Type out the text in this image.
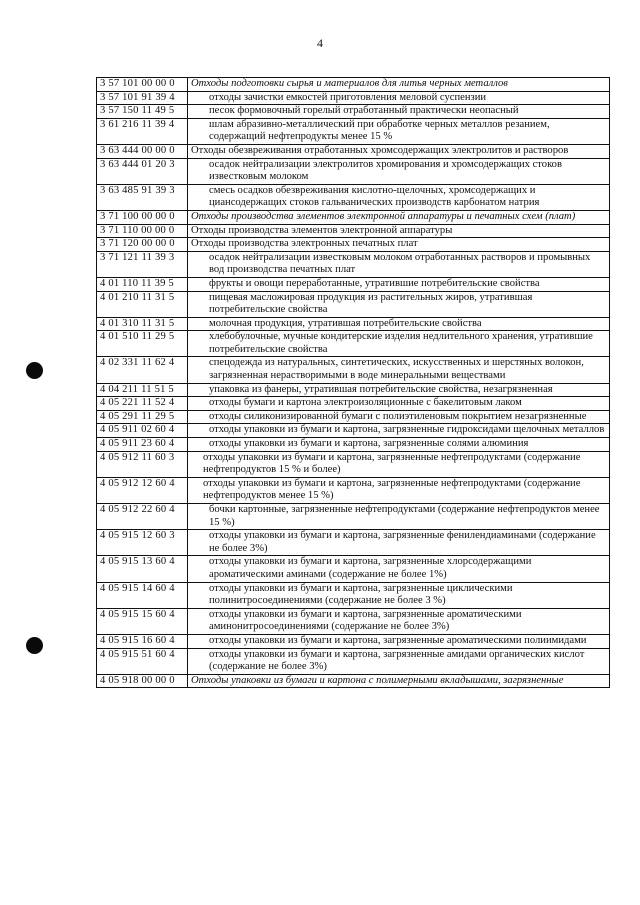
4
3 57 101 00 00 0	Отходы подготовки сырья и материалов для литья черных металлов
3 57 101 91 39 4	отходы зачистки емкостей приготовления меловой суспензии

3 57 150 11 49 5	песок формовочный горелый отработанный практически неопасный

3 61 216 11 39 4	шлам абразивно-металлический при обработке черных металлов резанием, содержащий нефтепродукты менее 15 %

3 63 444 00 00 0	Отходы обезвреживания отработанных хромсодержащих электролитов и растворов
3 63 444 01 20 3	осадок нейтрализации электролитов хромирования и хромсодержащих стоков известковым молоком

3 63 485 91 39 3	смесь осадков обезвреживания кислотно-щелочных, хромсодержащих и циансодержащих стоков гальванических производств карбонатом натрия

3 71 100 00 00 0	Отходы производства элементов электронной аппаратуры и печатных схем (плат)
3 71 110 00 00 0	Отходы производства элементов электронной аппаратуры
3 71 120 00 00 0	Отходы производства электронных печатных плат
3 71 121 11 39 3	осадок нейтрализации известковым молоком отработанных растворов и промывных вод производства печатных плат

4 01 110 11 39 5	фрукты и овощи переработанные, утратившие потребительские свойства

4 01 210 11 31 5	пищевая масложировая продукция из растительных жиров, утратившая потребительские свойства

4 01 310 11 31 5	молочная продукция, утратившая потребительские свойства

4 01 510 11 29 5	хлебобулочные, мучные кондитерские изделия недлительного хранения, утратившие потребительские свойства

4 02 331 11 62 4	спецодежда из натуральных, синтетических, искусственных и шерстяных волокон, загрязненная нерастворимыми в воде минеральными веществами

4 04 211 11 51 5	упаковка из фанеры, утратившая потребительские свойства, незагрязненная

4 05 221 11 52 4	отходы бумаги и картона электроизоляционные с бакелитовым лаком

4 05 291 11 29 5	отходы силиконизированной бумаги с полиэтиленовым покрытием незагрязненные

4 05 911 02 60 4	отходы упаковки из бумаги и картона, загрязненные гидроксидами щелочных металлов

4 05 911 23 60 4	отходы упаковки из бумаги и картона, загрязненные солями алюминия

4 05 912 11 60 3	отходы упаковки из бумаги и картона, загрязненные нефтепродуктами (содержание нефтепродуктов 15 % и более)

4 05 912 12 60 4	отходы упаковки из бумаги и картона, загрязненные нефтепродуктами (содержание нефтепродуктов менее 15 %)

4 05 912 22 60 4	бочки картонные, загрязненные нефтепродуктами (содержание нефтепродуктов менее 15 %)

4 05 915 12 60 3	отходы упаковки из бумаги и картона, загрязненные фенилендиаминами (содержание не более 3%)

4 05 915 13 60 4	отходы упаковки из бумаги и картона, загрязненные хлорсодержащими ароматическими аминами (содержание не более 1%)

4 05 915 14 60 4	отходы упаковки из бумаги и картона, загрязненные циклическими полинитросоединениями (содержание не более 3 %)

4 05 915 15 60 4	отходы упаковки из бумаги и картона, загрязненные ароматическими аминонитросоединениями (содержание не более 3%)

4 05 915 16 60 4	отходы упаковки из бумаги и картона, загрязненные ароматическими полиимидами

4 05 915 51 60 4	отходы упаковки из бумаги и картона, загрязненные амидами органических кислот (содержание не более 3%)

4 05 918 00 00 0	Отходы упаковки из бумаги и картона с полимерными вкладышами, загрязненные
